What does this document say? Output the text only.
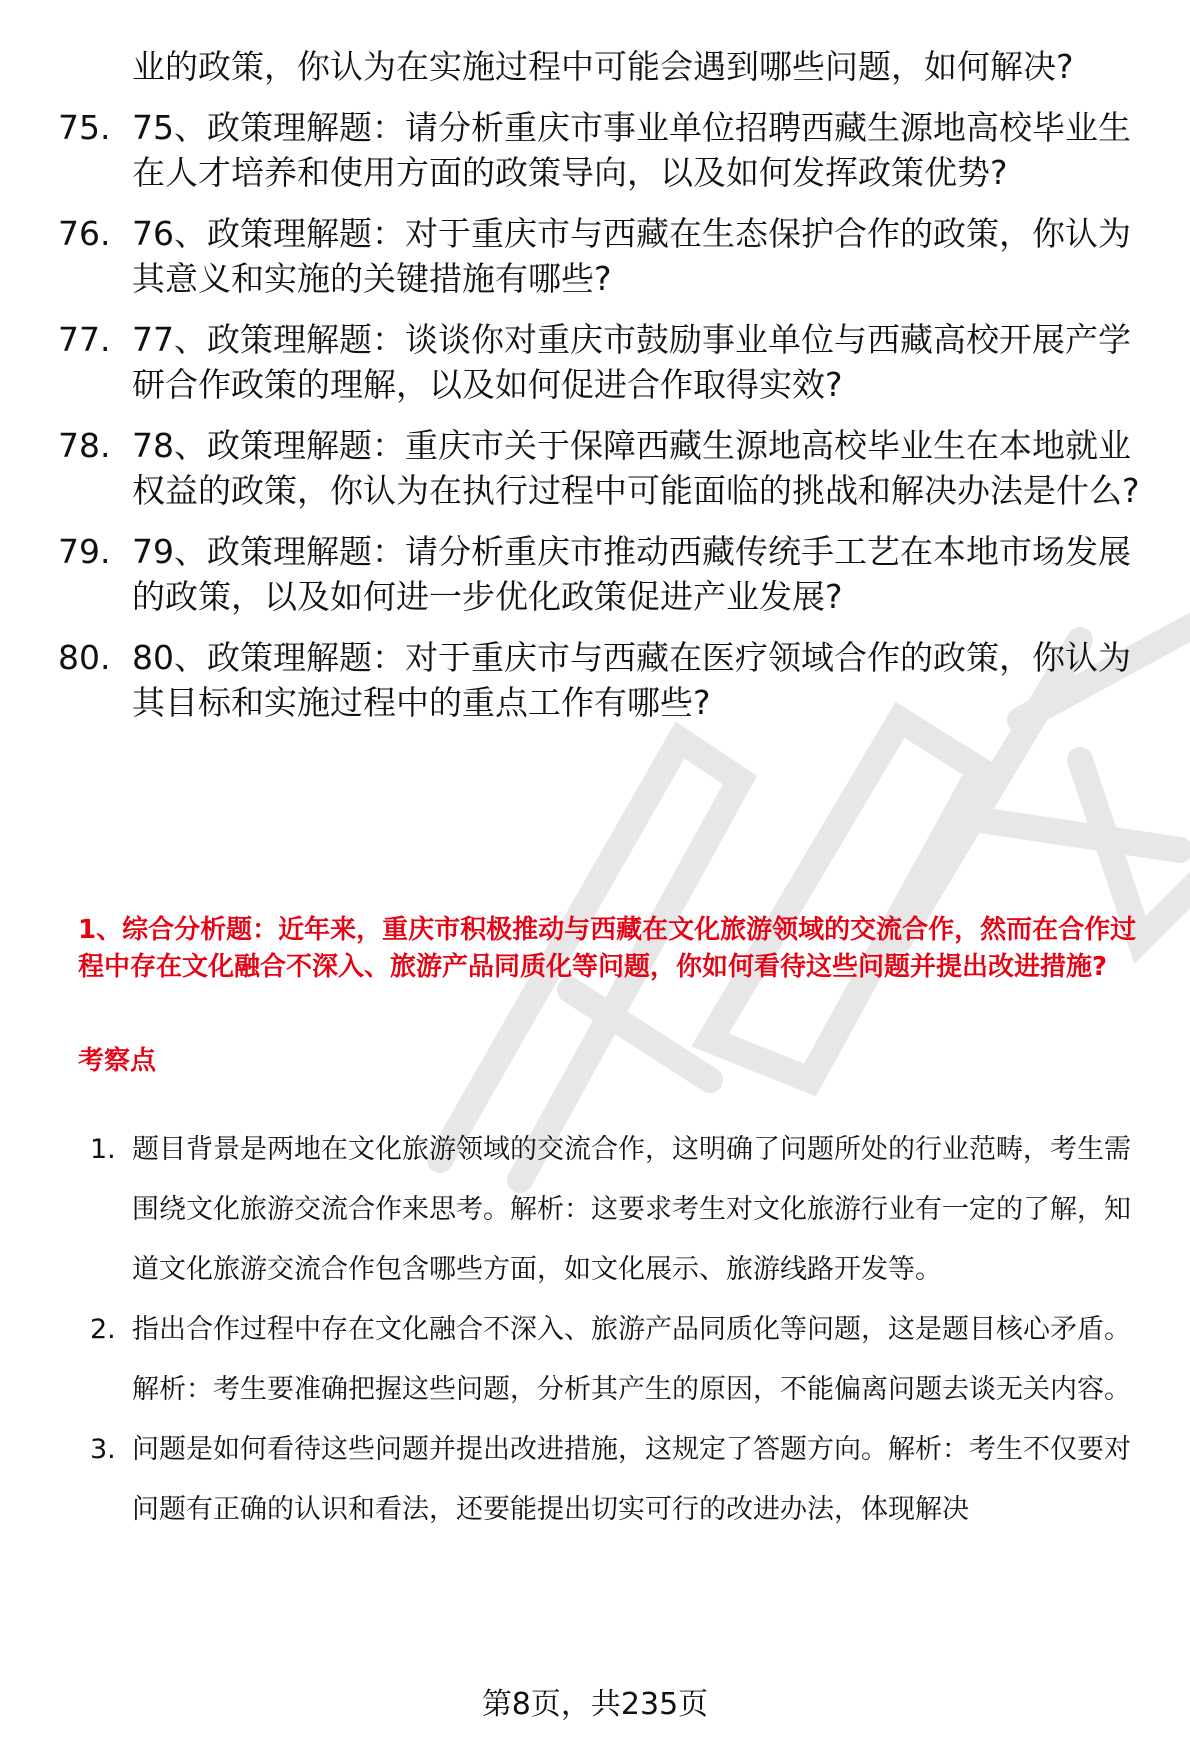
业的政策，你认为在实施过程中可能会遇到哪些问题，如何解决?
75. 75、政策理解题：请分析重庆市事业单位招聘西藏生源地高校毕业生在人才培养和使用方面的政策导向，以及如何发挥政策优势?
76. 76、政策理解题：对于重庆市与西藏在生态保护合作的政策，你认为其意义和实施的关键措施有哪些?
77. 77、政策理解题：谈谈你对重庆市鼓励事业单位与西藏高校开展产学研合作政策的理解，以及如何促进合作取得实效?
78. 78、政策理解题：重庆市关于保障西藏生源地高校毕业生在本地就业权益的政策，你认为在执行过程中可能面临的挑战和解决办法是什么?
79. 79、政策理解题：请分析重庆市推动西藏传统手工艺在本地市场发展的政策，以及如何进一步优化政策促进产业发展?
80. 80、政策理解题：对于重庆市与西藏在医疗领域合作的政策，你认为其目标和实施过程中的重点工作有哪些?
1、综合分析题：近年来，重庆市积极推动与西藏在文化旅游领域的交流合作，然而在合作过程中存在文化融合不深入、旅游产品同质化等问题，你如何看待这些问题并提出改进措施?
考察点
1. 题目背景是两地在文化旅游领域的交流合作，这明确了问题所处的行业范畴，考生需围绕文化旅游交流合作来思考。解析：这要求考生对文化旅游行业有一定的了解，知道文化旅游交流合作包含哪些方面，如文化展示、旅游线路开发等。
2. 指出合作过程中存在文化融合不深入、旅游产品同质化等问题，这是题目核心矛盾。解析：考生要准确把握这些问题，分析其产生的原因，不能偏离问题去谈无关内容。
3. 问题是如何看待这些问题并提出改进措施，这规定了答题方向。解析：考生不仅要对问题有正确的认识和看法，还要能提出切实可行的改进办法，体现解决
第8页，共235页
